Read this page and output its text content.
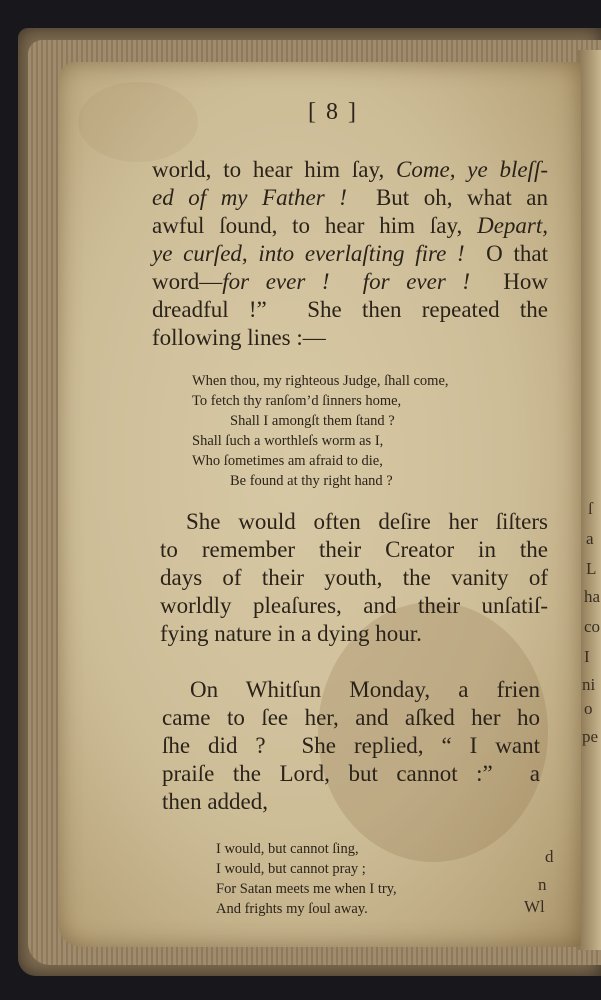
[ 8 ]
world, to hear him ſay, Come, ye bleſſ-
ed of my Father !  But oh, what an
awful ſound, to hear him ſay, Depart,
ye curſed, into everlaſting fire !  O that
word—for ever !  for ever !  How
dreadful !”  She then repeated the
following lines :—
When thou, my righteous Judge, ſhall come,
To fetch thy ranſom’d ſinners home,
Shall I amongſt them ſtand ?
Shall ſuch a worthleſs worm as I,
Who ſometimes am afraid to die,
Be found at thy right hand ?
She would often deſire her ſiſters
to remember their Creator in the
days of their youth, the vanity of
worldly pleaſures, and their unſatiſ-
fying nature in a dying hour.
On Whitſun Monday, a frien
came to ſee her, and aſked her ho
ſhe did ?  She replied, “ I want
praiſe the Lord, but cannot :”  a
then added,
I would, but cannot ſing,
I would, but cannot pray ;
For Satan meets me when I try,
And frights my ſoul away.
ſ
a
L
ha
co
I
ni
o
pe
d
n
Wl
